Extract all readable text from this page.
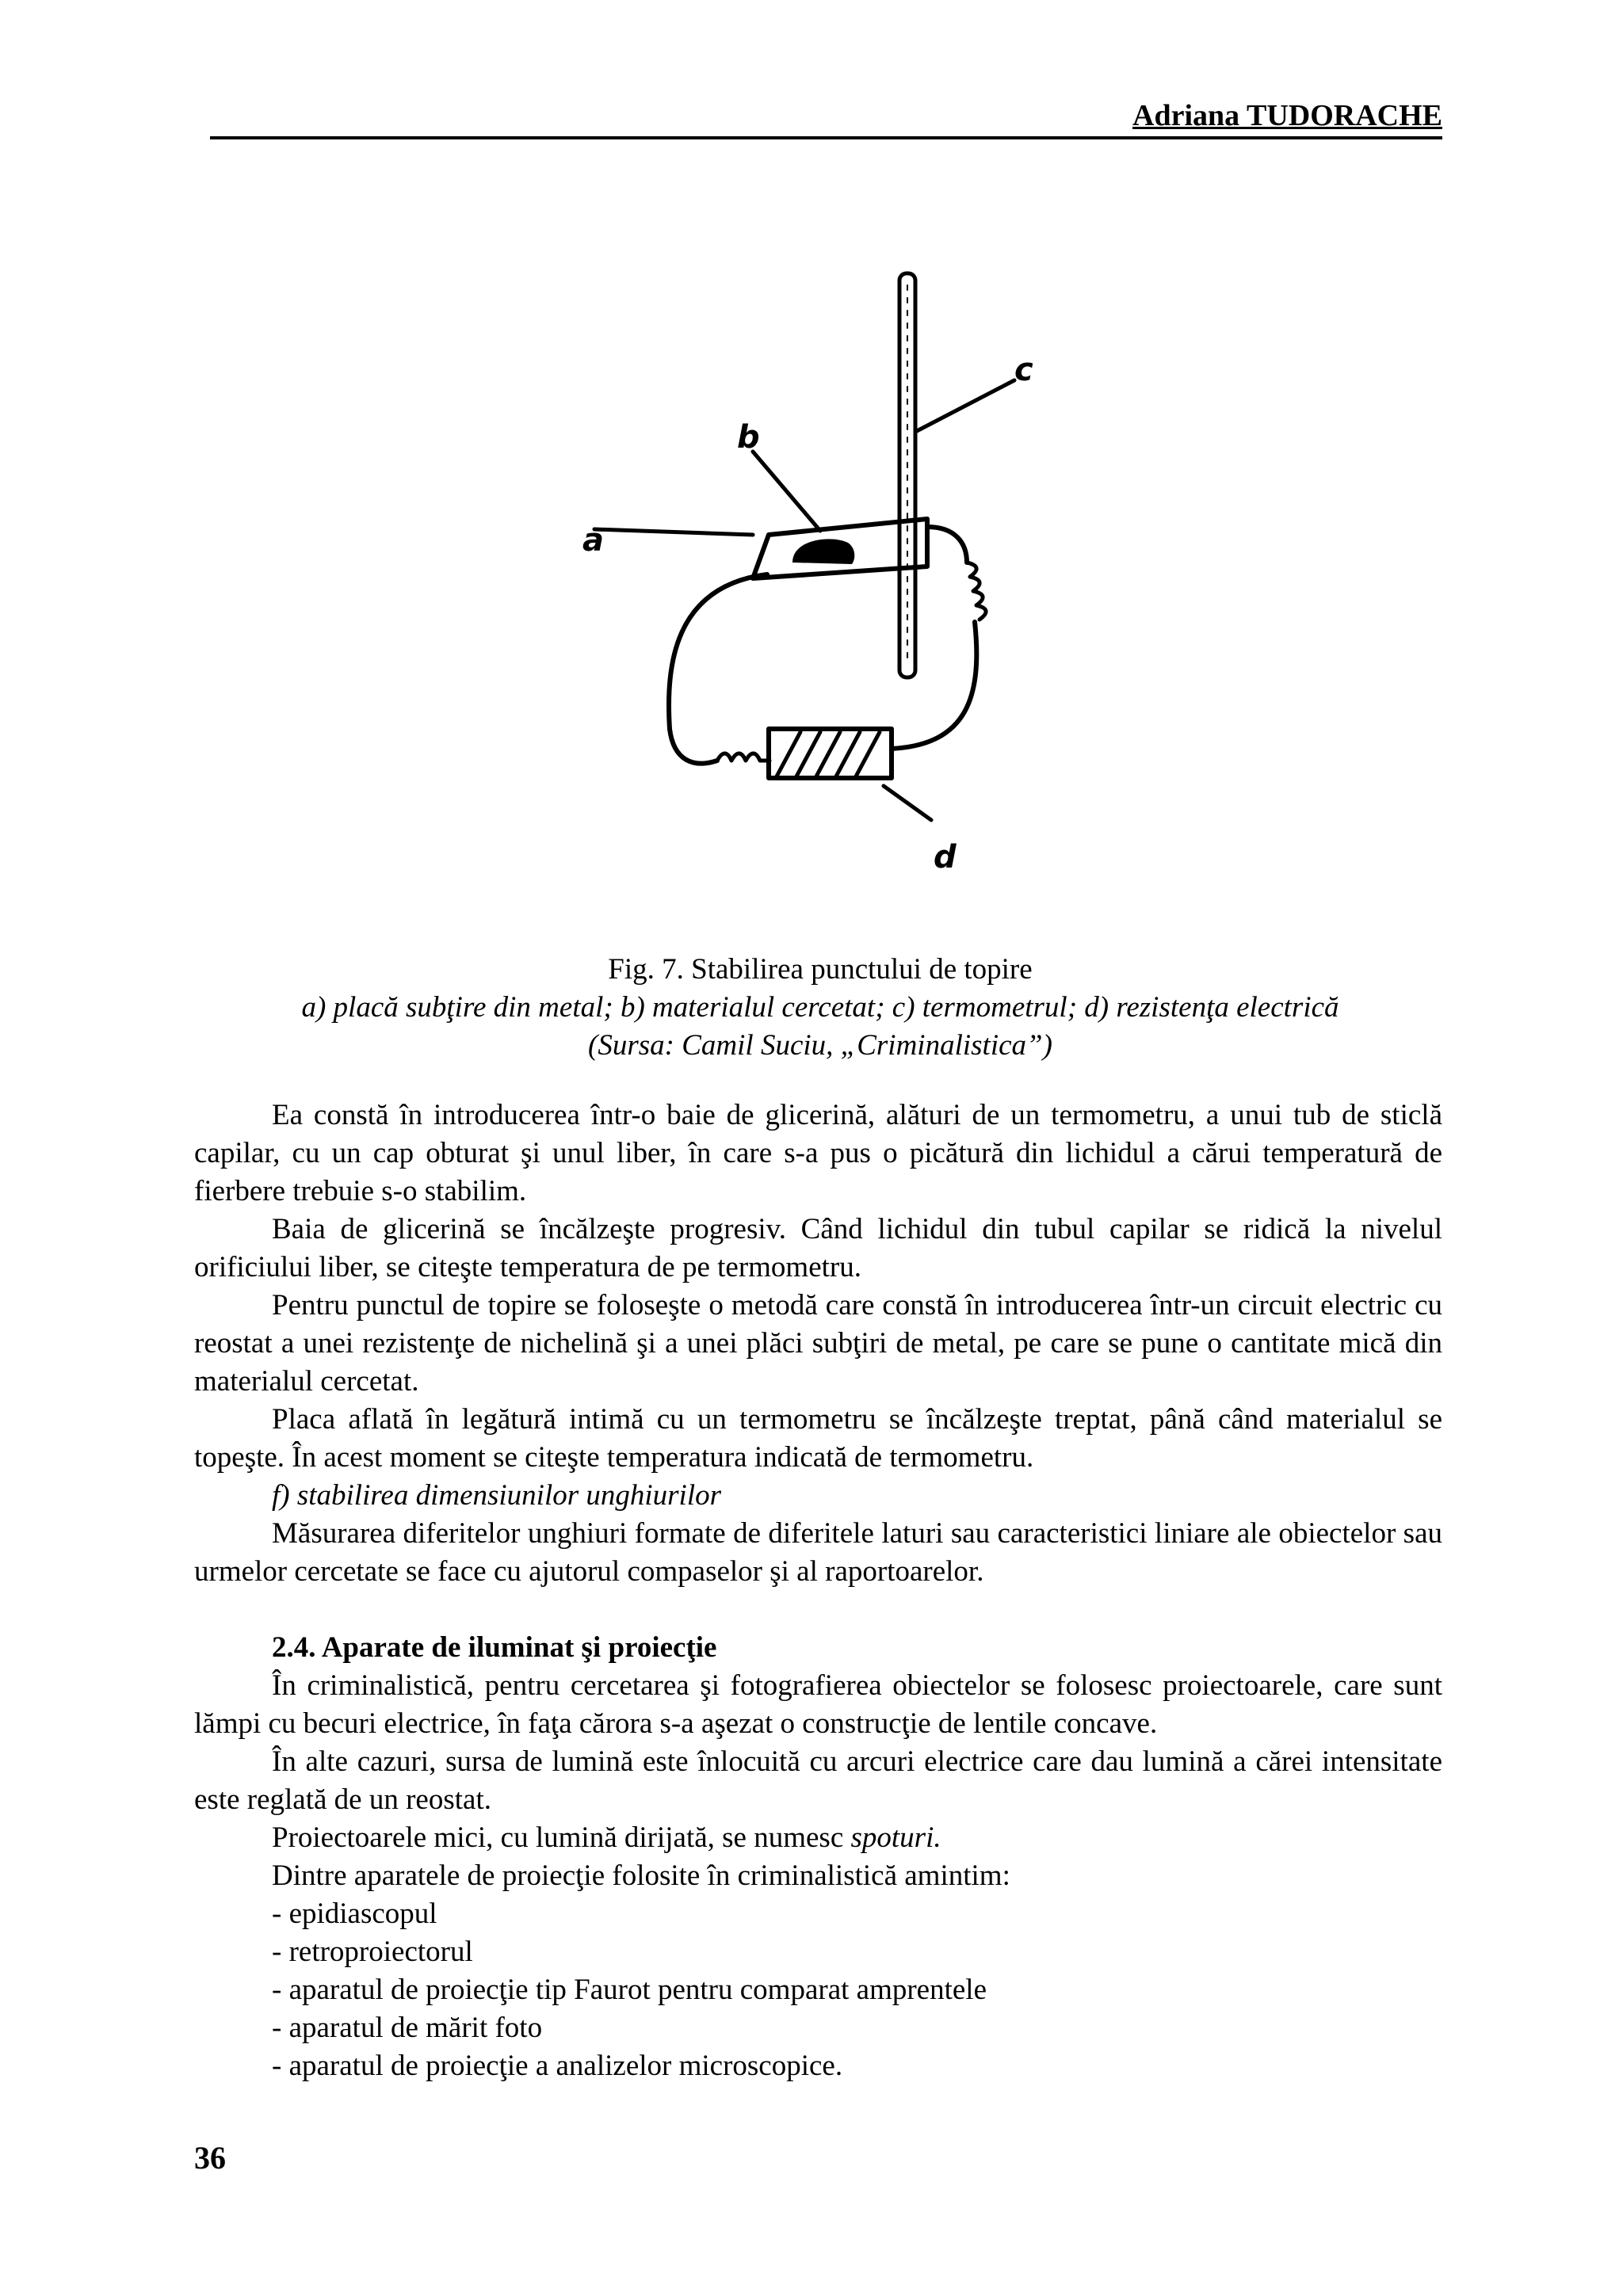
Adriana TUDORACHE
a
b
c
d
Fig. 7. Stabilirea punctului de topire
a) placă subţire din metal; b) materialul cercetat; c) termometrul; d) rezistenţa electrică
(Sursa: Camil Suciu, „Criminalistica”)

Ea constă în introducerea într-o baie de glicerină, alături de un termometru, a unui tub de sticlă capilar, cu un cap obturat şi unul liber, în care s-a pus o picătură din lichidul a cărui temperatură de fierbere trebuie s-o stabilim.

Baia de glicerină se încălzeşte progresiv. Când lichidul din tubul capilar se ridică la nivelul orificiului liber, se citeşte temperatura de pe termometru.

Pentru punctul de topire se foloseşte o metodă care constă în introducerea într-un circuit electric cu reostat a unei rezistenţe de nichelină şi a unei plăci subţiri de metal, pe care se pune o cantitate mică din materialul cercetat.

Placa aflată în legătură intimă cu un termometru se încălzeşte treptat, până când materialul se topeşte. În acest moment se citeşte temperatura indicată de termometru.

f) stabilirea dimensiunilor unghiurilor

Măsurarea diferitelor unghiuri formate de diferitele laturi sau caracteristici liniare ale obiectelor sau urmelor cercetate se face cu ajutorul compaselor şi al raportoarelor.

2.4. Aparate de iluminat şi proiecţie

În criminalistică, pentru cercetarea şi fotografierea obiectelor se folosesc proiectoarele, care sunt lămpi cu becuri electrice, în faţa cărora s-a aşezat o construcţie de lentile concave.

În alte cazuri, sursa de lumină este înlocuită cu arcuri electrice care dau lumină a cărei intensitate este reglată de un reostat.

Proiectoarele mici, cu lumină dirijată, se numesc spoturi.

Dintre aparatele de proiecţie folosite în criminalistică amintim:

- epidiascopul
- retroproiectorul
- aparatul de proiecţie tip Faurot pentru comparat amprentele
- aparatul de mărit foto
- aparatul de proiecţie a analizelor microscopice.
36
